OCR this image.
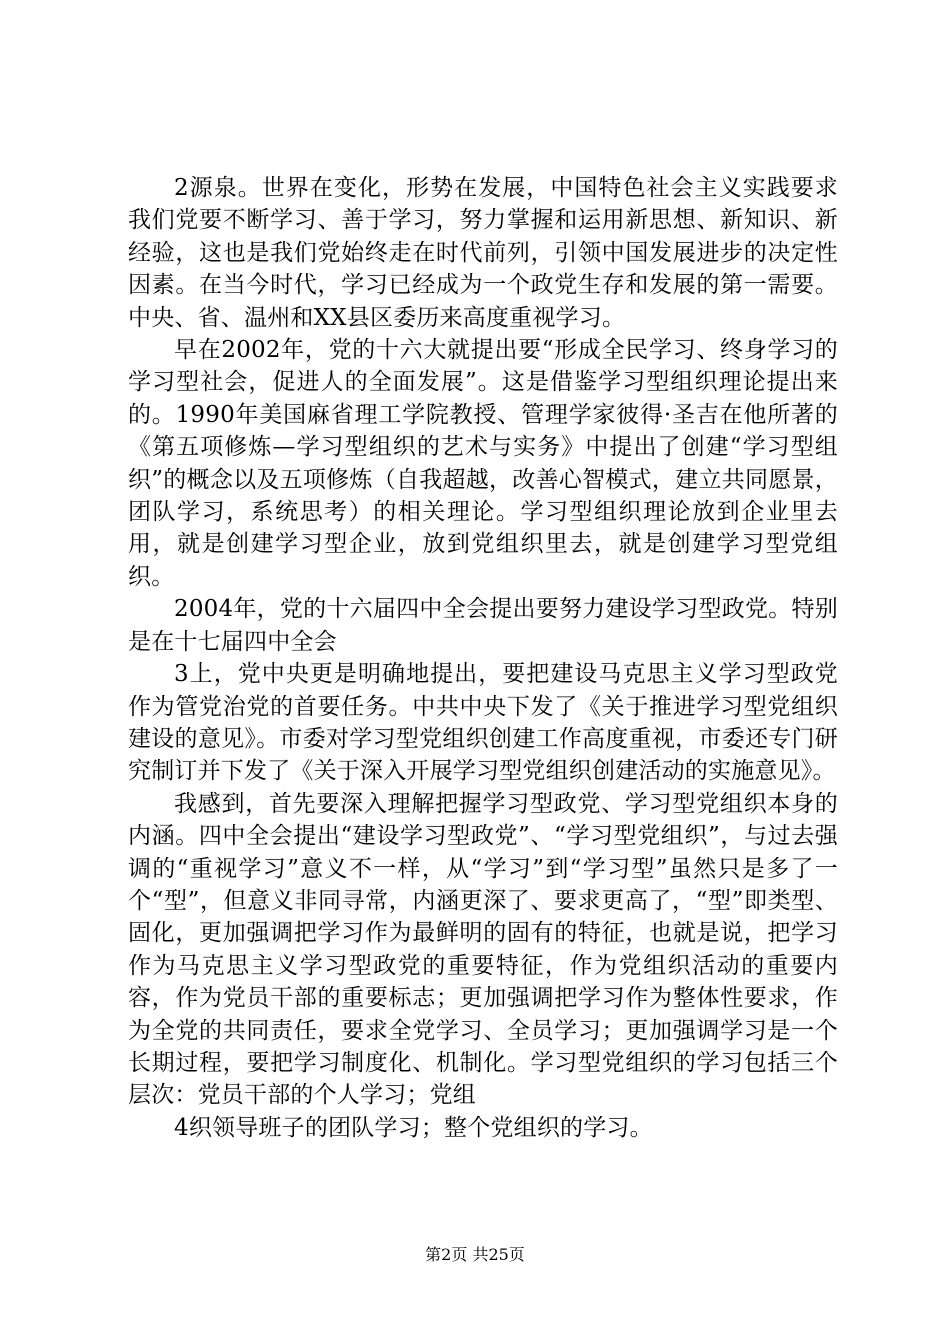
2源泉。世界在变化，形势在发展，中国特色社会主义实践要求我们党要不断学习、善于学习，努力掌握和运用新思想、新知识、新经验，这也是我们党始终走在时代前列，引领中国发展进步的决定性因素。在当今时代，学习已经成为一个政党生存和发展的第一需要。中央、省、温州和XX县区委历来高度重视学习。

早在2002年，党的十六大就提出要“形成全民学习、终身学习的学习型社会，促进人的全面发展”。这是借鉴学习型组织理论提出来的。1990年美国麻省理工学院教授、管理学家彼得·圣吉在他所著的《第五项修炼—学习型组织的艺术与实务》中提出了创建“学习型组织”的概念以及五项修炼（自我超越，改善心智模式，建立共同愿景，团队学习，系统思考）的相关理论。学习型组织理论放到企业里去用，就是创建学习型企业，放到党组织里去，就是创建学习型党组织。

2004年，党的十六届四中全会提出要努力建设学习型政党。特别是在十七届四中全会

3上，党中央更是明确地提出，要把建设马克思主义学习型政党作为管党治党的首要任务。中共中央下发了《关于推进学习型党组织建设的意见》。市委对学习型党组织创建工作高度重视，市委还专门研究制订并下发了《关于深入开展学习型党组织创建活动的实施意见》。

我感到，首先要深入理解把握学习型政党、学习型党组织本身的内涵。四中全会提出“建设学习型政党”、“学习型党组织”，与过去强调的“重视学习”意义不一样，从“学习”到“学习型”虽然只是多了一个“型”，但意义非同寻常，内涵更深了、要求更高了，“型”即类型、固化，更加强调把学习作为最鲜明的固有的特征，也就是说，把学习作为马克思主义学习型政党的重要特征，作为党组织活动的重要内容，作为党员干部的重要标志；更加强调把学习作为整体性要求，作为全党的共同责任，要求全党学习、全员学习；更加强调学习是一个长期过程，要把学习制度化、机制化。学习型党组织的学习包括三个层次：党员干部的个人学习；党组

4织领导班子的团队学习；整个党组织的学习。

第2页 共25页
